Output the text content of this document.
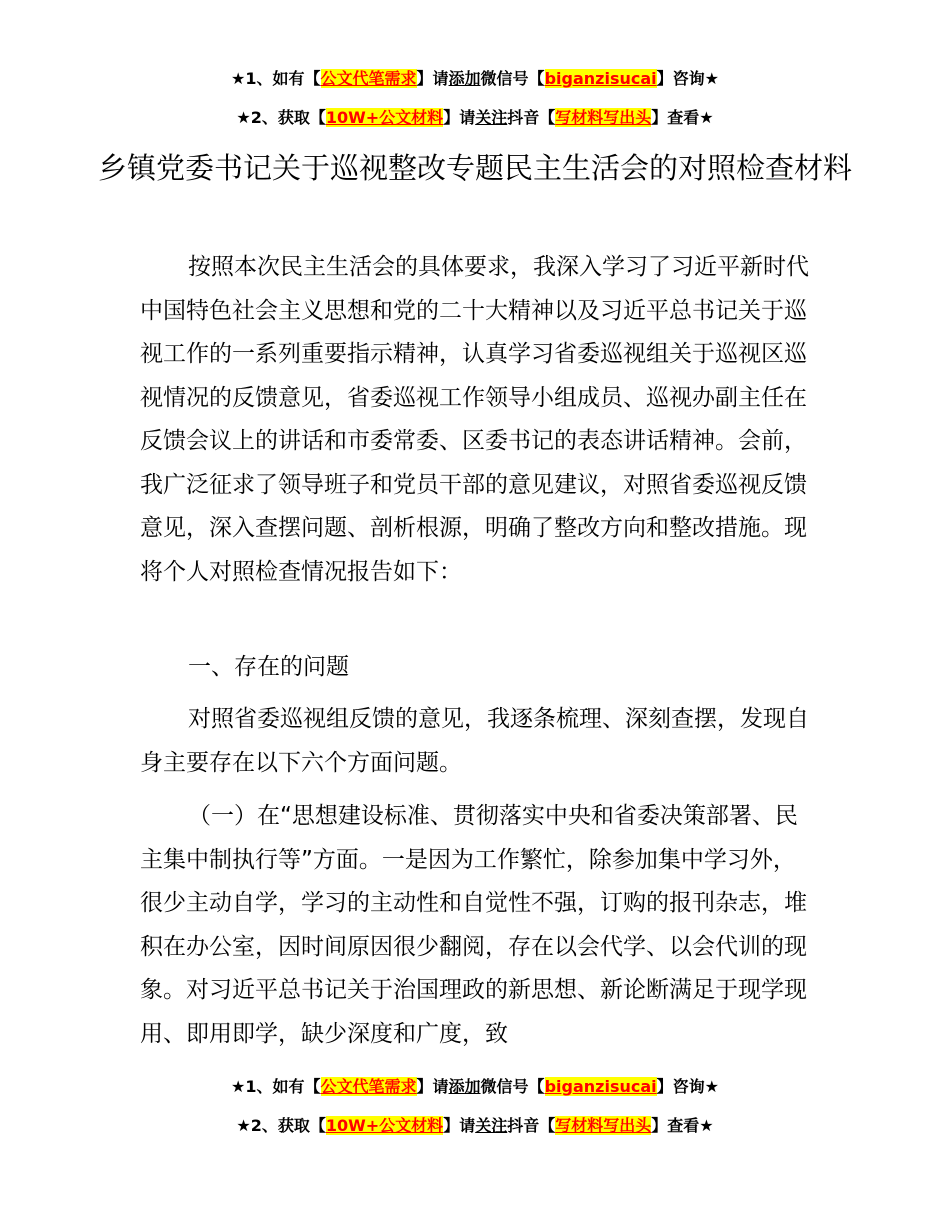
★1、如有【公文代笔需求】请添加微信号【biganzisucai】咨询★
★2、获取【10W+公文材料】请关注抖音【写材料写出头】查看★
乡镇党委书记关于巡视整改专题民主生活会的对照检查材料

按照本次民主生活会的具体要求，我深入学习了习近平新时代中国特色社会主义思想和党的二十大精神以及习近平总书记关于巡视工作的一系列重要指示精神，认真学习省委巡视组关于巡视区巡视情况的反馈意见，省委巡视工作领导小组成员、巡视办副主任在反馈会议上的讲话和市委常委、区委书记的表态讲话精神。会前，我广泛征求了领导班子和党员干部的意见建议，对照省委巡视反馈意见，深入查摆问题、剖析根源，明确了整改方向和整改措施。现将个人对照检查情况报告如下：

一、存在的问题

对照省委巡视组反馈的意见，我逐条梳理、深刻查摆，发现自身主要存在以下六个方面问题。

（一）在“思想建设标准、贯彻落实中央和省委决策部署、民主集中制执行等”方面。一是因为工作繁忙，除参加集中学习外，很少主动自学，学习的主动性和自觉性不强，订购的报刊杂志，堆积在办公室，因时间原因很少翻阅，存在以会代学、以会代训的现象。对习近平总书记关于治国理政的新思想、新论断满足于现学现用、即用即学，缺少深度和广度，致

★1、如有【公文代笔需求】请添加微信号【biganzisucai】咨询★
★2、获取【10W+公文材料】请关注抖音【写材料写出头】查看★
